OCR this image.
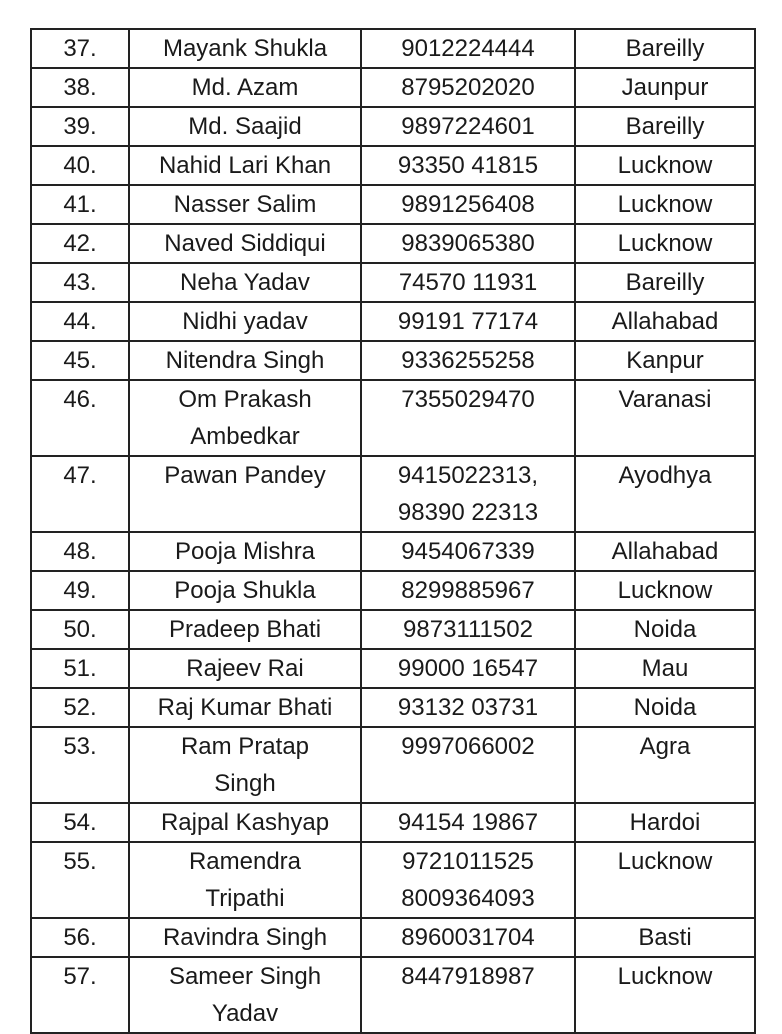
37.	Mayank Shukla	9012224444	Bareilly

38.	Md. Azam	8795202020	Jaunpur

39.	Md. Saajid	9897224601	Bareilly

40.	Nahid Lari Khan	93350 41815	Lucknow

41.	Nasser Salim	9891256408	Lucknow

42.	Naved Siddiqui	9839065380	Lucknow

43.	Neha Yadav	74570 11931	Bareilly

44.	Nidhi yadav	99191 77174	Allahabad

45.	Nitendra Singh	9336255258	Kanpur

46.	Om Prakash
Ambedkar	7355029470	Varanasi

47.	Pawan Pandey	9415022313,
98390 22313	Ayodhya

48.	Pooja Mishra	9454067339	Allahabad

49.	Pooja Shukla	8299885967	Lucknow

50.	Pradeep Bhati	9873111502	Noida

51.	Rajeev Rai	99000 16547	Mau

52.	Raj Kumar Bhati	93132 03731	Noida

53.	Ram Pratap
Singh	9997066002	Agra

54.	Rajpal Kashyap	94154 19867	Hardoi

55.	Ramendra
Tripathi	9721011525
8009364093	Lucknow

56.	Ravindra Singh	8960031704	Basti

57.	Sameer Singh
Yadav	8447918987	Lucknow
